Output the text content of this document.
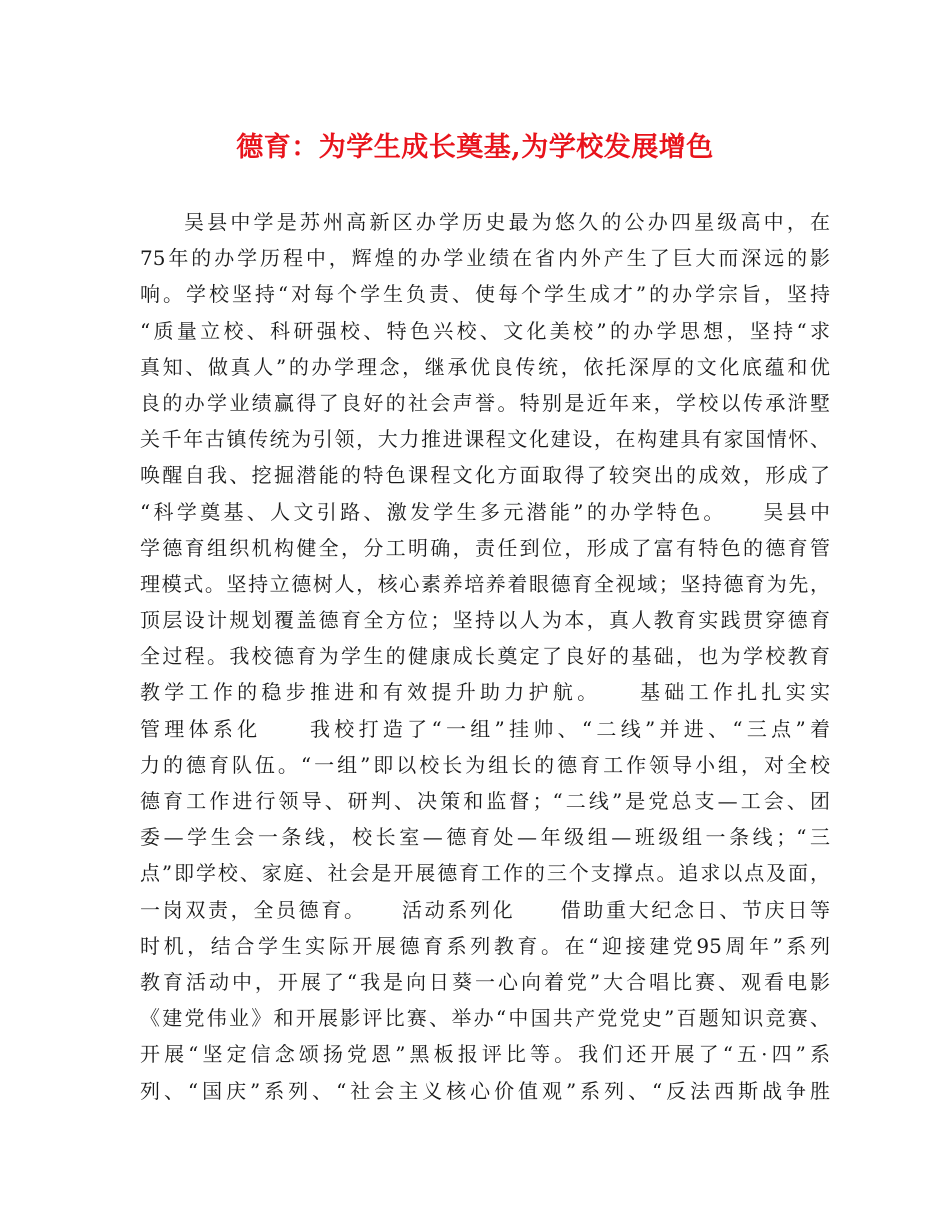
德育：为学生成长奠基,为学校发展增色
吴县中学是苏州高新区办学历史最为悠久的公办四星级高中，在
75年的办学历程中，辉煌的办学业绩在省内外产生了巨大而深远的影
响。学校坚持“对每个学生负责、使每个学生成才”的办学宗旨，坚持
“质量立校、科研强校、特色兴校、文化美校”的办学思想，坚持“求
真知、做真人”的办学理念，继承优良传统，依托深厚的文化底蕴和优
良的办学业绩赢得了良好的社会声誉。特别是近年来，学校以传承浒墅
关千年古镇传统为引领，大力推进课程文化建设，在构建具有家国情怀、
唤醒自我、挖掘潜能的特色课程文化方面取得了较突出的成效，形成了
“科学奠基、人文引路、激发学生多元潜能”的办学特色。　　吴县中
学德育组织机构健全，分工明确，责任到位，形成了富有特色的德育管
理模式。坚持立德树人，核心素养培养着眼德育全视域；坚持德育为先，
顶层设计规划覆盖德育全方位；坚持以人为本，真人教育实践贯穿德育
全过程。我校德育为学生的健康成长奠定了良好的基础，也为学校教育
教学工作的稳步推进和有效提升助力护航。　　基础工作扎扎实实
管理体系化　　我校打造了“一组”挂帅、“二线”并进、“三点”着
力的德育队伍。“一组”即以校长为组长的德育工作领导小组，对全校
德育工作进行领导、研判、决策和监督；“二线”是党总支—工会、团
委—学生会一条线，校长室—德育处—年级组—班级组一条线；“三
点”即学校、家庭、社会是开展德育工作的三个支撑点。追求以点及面，
一岗双责，全员德育。　　活动系列化　　借助重大纪念日、节庆日等
时机，结合学生实际开展德育系列教育。在“迎接建党95周年”系列
教育活动中，开展了“我是向日葵一心向着党”大合唱比赛、观看电影
《建党伟业》和开展影评比赛、举办“中国共产党党史”百题知识竞赛、
开展“坚定信念颂扬党恩”黑板报评比等。我们还开展了“五·四”系
列、“国庆”系列、“社会主义核心价值观”系列、“反法西斯战争胜
